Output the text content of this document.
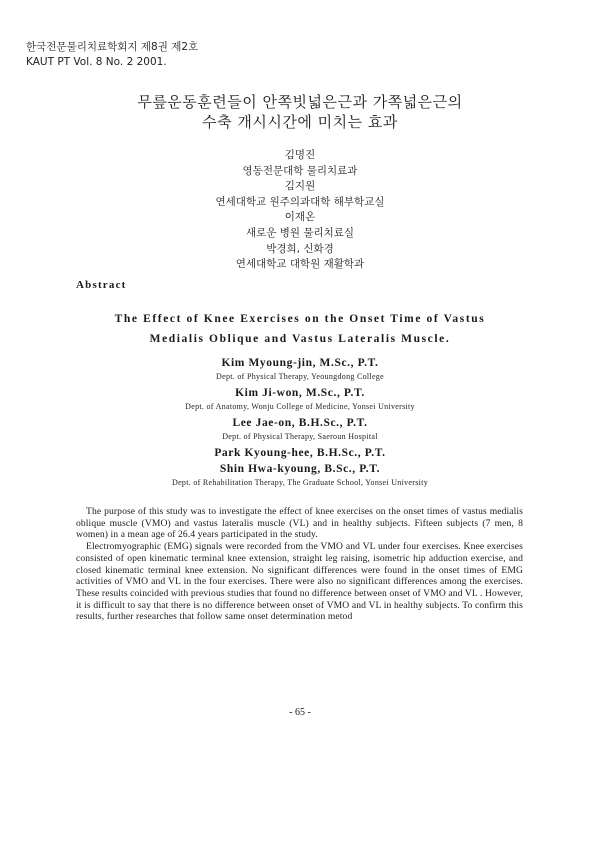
한국전문물리치료학회지 제8권 제2호
KAUT PT Vol. 8 No. 2 2001.
무릎운동훈련들이 안쪽빗넓은근과 가쪽넓은근의
수축 개시시간에 미치는 효과
김명진
영동전문대학 물리치료과
김지원
연세대학교 원주의과대학 해부학교실
이재온
새로운 병원 물리치료실
박경희, 신화경
연세대학교 대학원 재활학과
Abstract
The Effect of Knee Exercises on the Onset Time of Vastus
Medialis Oblique and Vastus Lateralis Muscle.
Kim Myoung-jin, M.Sc., P.T.
Dept. of Physical Therapy, Yeoungdong College
Kim Ji-won, M.Sc., P.T.
Dept. of Anatomy, Wonju College of Medicine, Yonsei University
Lee Jae-on, B.H.Sc., P.T.
Dept. of Physical Therapy, Saeroun Hospital
Park Kyoung-hee, B.H.Sc., P.T.
Shin Hwa-kyoung, B.Sc., P.T.
Dept. of Rehabilitation Therapy, The Graduate School, Yonsei University

The purpose of this study was to investigate the effect of knee exercises on the onset times of vastus medialis oblique muscle (VMO) and vastus lateralis muscle (VL) and in healthy subjects. Fifteen subjects (7 men, 8 women) in a mean age of 26.4 years participated in the study.

Electromyographic (EMG) signals were recorded from the VMO and VL under four exercises. Knee exercises consisted of open kinematic terminal knee extension, straight leg raising, isometric hip adduction exercise, and closed kinematic terminal knee extension. No significant differences were found in the onset times of EMG activities of VMO and VL in the four exercises. There were also no significant differences among the exercises. These results coincided with previous studies that found no difference between onset of VMO and VL . However, it is difficult to say that there is no difference between onset of VMO and VL in healthy subjects. To confirm this results, further researches that follow same onset determination metod

- 65 -
